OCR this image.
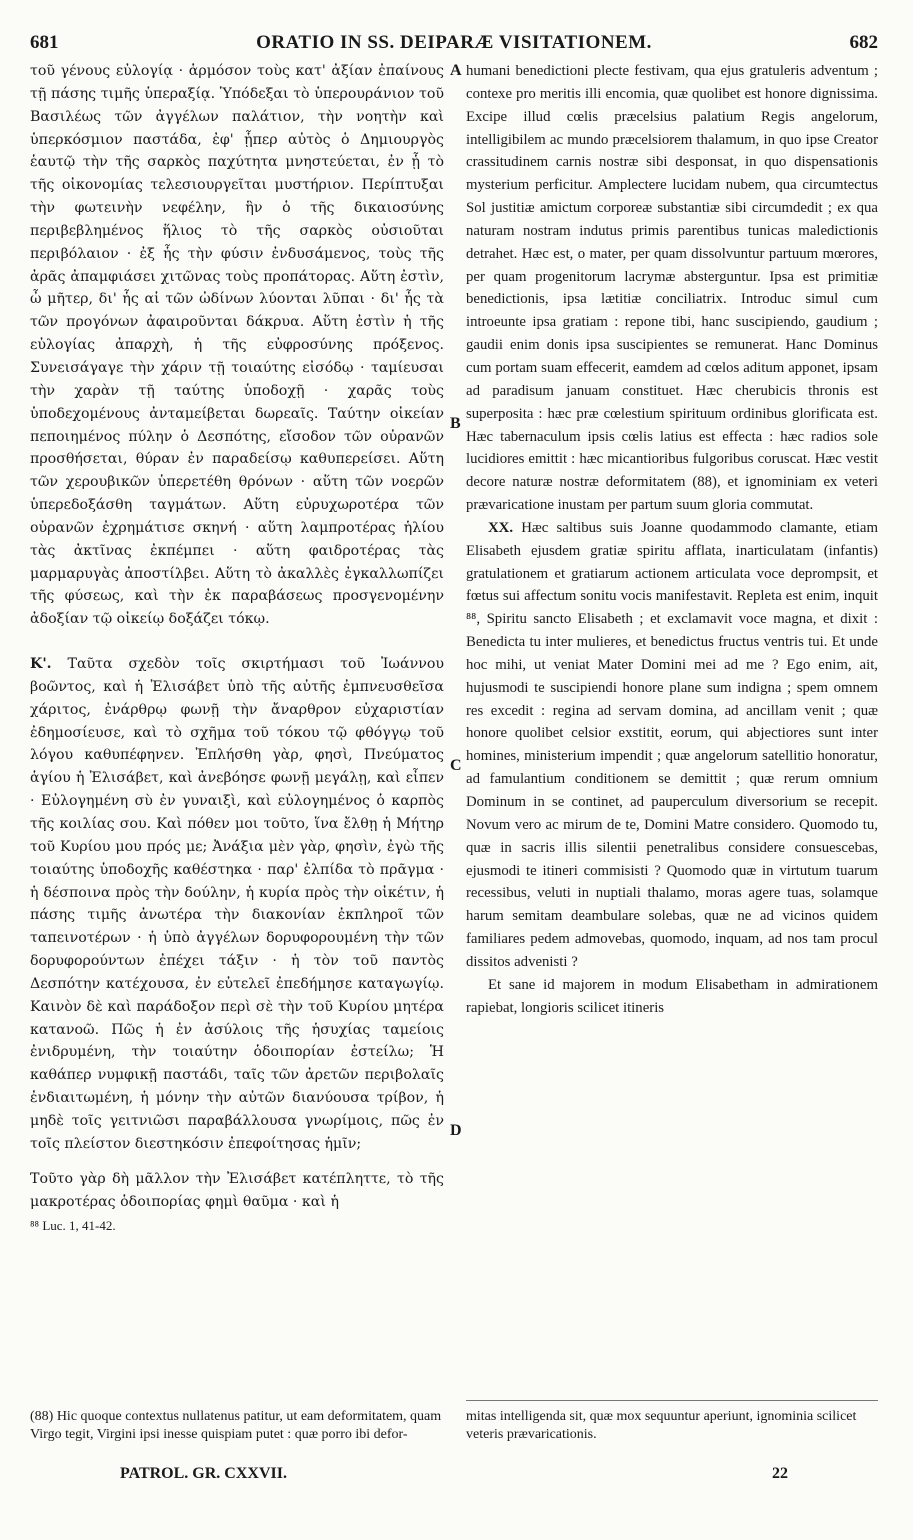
681	ORATIO IN SS. DEIPARÆ VISITATIONEM.	682
A
B
C
D

τοῦ γένους εὐλογίᾳ · ἁρμόσον τοὺς κατ' ἀξίαν ἐπαίνους τῇ πάσης τιμῆς ὑπεραξίᾳ. Ὑπόδεξαι τὸ ὑπερουράνιον τοῦ Βασιλέως τῶν ἀγγέλων παλάτιον, τὴν νοητὴν καὶ ὑπερκόσμιον παστάδα, ἐφ' ᾗπερ αὐτὸς ὁ Δημιουργὸς ἑαυτῷ τὴν τῆς σαρκὸς παχύτητα μνηστεύεται, ἐν ᾗ τὸ τῆς οἰκονομίας τελεσιουργεῖται μυστήριον. Περίπτυξαι τὴν φωτεινὴν νεφέλην, ἣν ὁ τῆς δικαιοσύνης περιβεβλημένος ἥλιος τὸ τῆς σαρκὸς οὐσιοῦται περιβόλαιον · ἐξ ἧς τὴν φύσιν ἐνδυσάμενος, τοὺς τῆς ἀρᾶς ἀπαμφιάσει χιτῶνας τοὺς προπάτορας. Αὕτη ἐστὶν, ὦ μῆτερ, δι' ἧς αἱ τῶν ὠδίνων λύονται λῦπαι · δι' ἧς τὰ τῶν προγόνων ἀφαιροῦνται δάκρυα. Αὕτη ἐστὶν ἡ τῆς εὐλογίας ἀπαρχὴ, ἡ τῆς εὐφροσύνης πρόξενος. Συνεισάγαγε τὴν χάριν τῇ τοιαύτης εἰσόδῳ · ταμίευσαι τὴν χαρὰν τῇ ταύτης ὑποδοχῇ · χαρᾶς τοὺς ὑποδεχομένους ἀνταμείβεται δωρεαῖς. Ταύτην οἰκείαν πεποιημένος πύλην ὁ Δεσπότης, εἴσοδον τῶν οὐρανῶν προσθήσεται, θύραν ἐν παραδείσῳ καθυπερείσει. Αὕτη τῶν χερουβικῶν ὑπερετέθη θρόνων · αὕτη τῶν νοερῶν ὑπερεδοξάσθη ταγμάτων. Αὕτη εὐρυχωροτέρα τῶν οὐρανῶν ἐχρημάτισε σκηνή · αὕτη λαμπροτέρας ἡλίου τὰς ἀκτῖνας ἐκπέμπει · αὕτη φαιδροτέρας τὰς μαρμαρυγὰς ἀποστίλβει. Αὕτη τὸ ἀκαλλὲς ἐγκαλλωπίζει τῆς φύσεως, καὶ τὴν ἐκ παραβάσεως προσγενομένην ἀδοξίαν τῷ οἰκείῳ δοξάζει τόκῳ.

Κ'. Ταῦτα σχεδὸν τοῖς σκιρτήμασι τοῦ Ἰωάννου βοῶντος, καὶ ἡ Ἐλισάβετ ὑπὸ τῆς αὐτῆς ἐμπνευσθεῖσα χάριτος, ἐνάρθρῳ φωνῇ τὴν ἄναρθρον εὐχαριστίαν ἐδημοσίευσε, καὶ τὸ σχῆμα τοῦ τόκου τῷ φθόγγῳ τοῦ λόγου καθυπέφηνεν. Ἐπλήσθη γὰρ, φησὶ, Πνεύματος ἁγίου ἡ Ἐλισάβετ, καὶ ἀνεβόησε φωνῇ μεγάλῃ, καὶ εἶπεν · Εὐλογημένη σὺ ἐν γυναιξὶ, καὶ εὐλογημένος ὁ καρπὸς τῆς κοιλίας σου. Καὶ πόθεν μοι τοῦτο, ἵνα ἔλθῃ ἡ Μήτηρ τοῦ Κυρίου μου πρός με; Ἀνάξια μὲν γὰρ, φησὶν, ἐγὼ τῆς τοιαύτης ὑποδοχῆς καθέστηκα · παρ' ἐλπίδα τὸ πρᾶγμα · ἡ δέσποινα πρὸς τὴν δούλην, ἡ κυρία πρὸς τὴν οἰκέτιν, ἡ πάσης τιμῆς ἀνωτέρα τὴν διακονίαν ἐκπληροῖ τῶν ταπεινοτέρων · ἡ ὑπὸ ἀγγέλων δορυφορουμένη τὴν τῶν δορυφορούντων ἐπέχει τάξιν · ἡ τὸν τοῦ παντὸς Δεσπότην κατέχουσα, ἐν εὐτελεῖ ἐπεδήμησε καταγωγίῳ. Καινὸν δὲ καὶ παράδοξον περὶ σὲ τὴν τοῦ Κυρίου μητέρα κατανοῶ. Πῶς ἡ ἐν ἀσύλοις τῆς ἡσυχίας ταμείοις ἐνιδρυμένη, τὴν τοιαύτην ὁδοιπορίαν ἐστείλω; Ἡ καθάπερ νυμφικῇ παστάδι, ταῖς τῶν ἀρετῶν περιβολαῖς ἐνδιαιτωμένη, ἡ μόνην τὴν αὐτῶν διανύουσα τρίβον, ἡ μηδὲ τοῖς γειτνιῶσι παραβάλλουσα γνωρίμοις, πῶς ἐν τοῖς πλείστον διεστηκόσιν ἐπεφοίτησας ἡμῖν;

Τοῦτο γὰρ δὴ μᾶλλον τὴν Ἐλισάβετ κατέπληττε, τὸ τῆς μακροτέρας ὁδοιπορίας φημὶ θαῦμα · καὶ ἡ

⁸⁸ Luc. 1, 41-42.

humani benedictioni plecte festivam, qua ejus gratuleris adventum ; contexe pro meritis illi encomia, quæ quolibet est honore dignissima. Excipe illud cœlis præcelsius palatium Regis angelorum, intelligibilem ac mundo præcelsiorem thalamum, in quo ipse Creator crassitudinem carnis nostræ sibi desponsat, in quo dispensationis mysterium perficitur. Amplectere lucidam nubem, qua circumtectus Sol justitiæ amictum corporeæ substantiæ sibi circumdedit ; ex qua naturam nostram indutus primis parentibus tunicas maledictionis detrahet. Hæc est, o mater, per quam dissolvuntur partuum mœrores, per quam progenitorum lacrymæ absterguntur. Ipsa est primitiæ benedictionis, ipsa lætitiæ conciliatrix. Introduc simul cum introeunte ipsa gratiam : repone tibi, hanc suscipiendo, gaudium ; gaudii enim donis ipsa suscipientes se remunerat. Hanc Dominus cum portam suam effecerit, eamdem ad cœlos aditum apponet, ipsam ad paradisum januam constituet. Hæc cherubicis thronis est superposita : hæc præ cœlestium spirituum ordinibus glorificata est. Hæc tabernaculum ipsis cœlis latius est effecta : hæc radios sole lucidiores emittit : hæc micantioribus fulgoribus coruscat. Hæc vestit decore naturæ nostræ deformitatem (88), et ignominiam ex veteri prævaricatione inustam per partum suum gloria commutat.

XX. Hæc saltibus suis Joanne quodammodo clamante, etiam Elisabeth ejusdem gratiæ spiritu afflata, inarticulatam (infantis) gratulationem et gratiarum actionem articulata voce deprompsit, et fœtus sui affectum sonitu vocis manifestavit. Repleta est enim, inquit ⁸⁸, Spiritu sancto Elisabeth ; et exclamavit voce magna, et dixit : Benedicta tu inter mulieres, et benedictus fructus ventris tui. Et unde hoc mihi, ut veniat Mater Domini mei ad me ? Ego enim, ait, hujusmodi te suscipiendi honore plane sum indigna ; spem omnem res excedit : regina ad servam domina, ad ancillam venit ; quæ honore quolibet celsior exstitit, eorum, qui abjectiores sunt inter homines, ministerium impendit ; quæ angelorum satellitio honoratur, ad famulantium conditionem se demittit ; quæ rerum omnium Dominum in se continet, ad pauperculum diversorium se recepit. Novum vero ac mirum de te, Domini Matre considero. Quomodo tu, quæ in sacris illis silentii penetralibus considere consuescebas, ejusmodi te itineri commisisti ? Quomodo quæ in virtutum tuarum recessibus, veluti in nuptiali thalamo, moras agere tuas, solamque harum semitam deambulare solebas, quæ ne ad vicinos quidem familiares pedem admovebas, quomodo, inquam, ad nos tam procul dissitos advenisti ?

Et sane id majorem in modum Elisabetham in admirationem rapiebat, longioris scilicet itineris

(88) Hic quoque contextus nullatenus patitur, ut eam deformitatem, quam Virgo tegit, Virgini ipsi inesse quispiam putet : quæ porro ibi defor-
mitas intelligenda sit, quæ mox sequuntur aperiunt, ignominia scilicet veteris prævaricationis.
PATROL. GR. CXXVII.	22
